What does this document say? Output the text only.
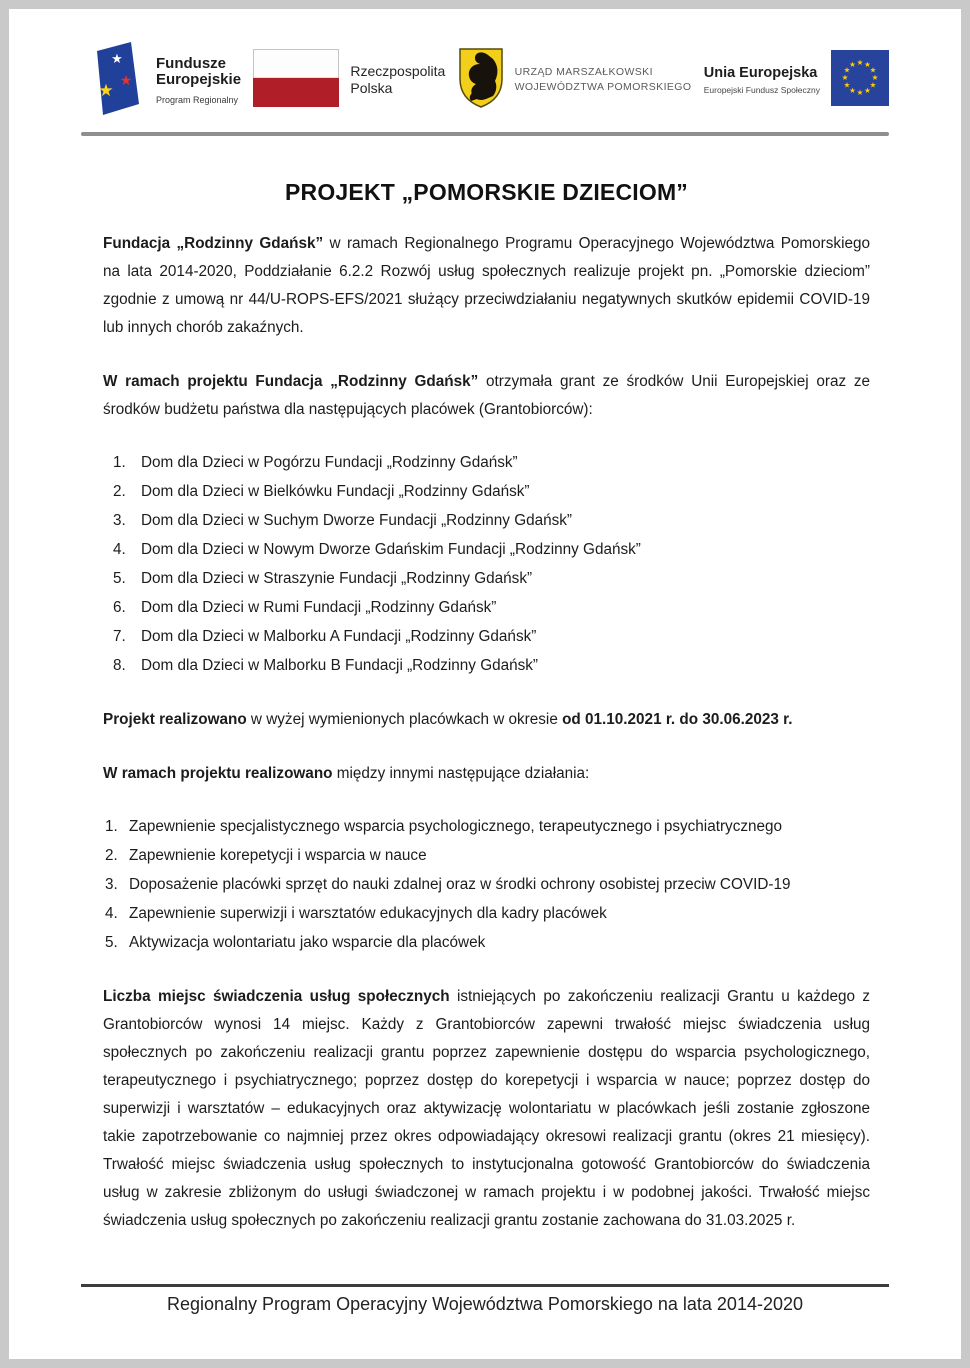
★
★ ★
Fundusze
Europejskie
Program Regionalny
Rzeczpospolita
Polska
URZĄD MARSZAŁKOWSKI
WOJEWÓDZTWA POMORSKIEGO
Unia Europejska
Europejski Fundusz Społeczny
★ ★
★
★
★
★
★
★
★
★
★
★
PROJEKT „POMORSKIE DZIECIOM”

Fundacja „Rodzinny Gdańsk” w ramach Regionalnego Programu Operacyjnego Województwa Pomorskiego na lata 2014-2020, Poddziałanie 6.2.2 Rozwój usług społecznych realizuje projekt pn. „Pomorskie dzieciom” zgodnie z umową nr 44/U-ROPS-EFS/2021 służący przeciwdziałaniu negatywnych skutków epidemii COVID-19 lub innych chorób zakaźnych.

W ramach projektu Fundacja „Rodzinny Gdańsk” otrzymała grant ze środków Unii Europejskiej oraz ze środków budżetu państwa dla następujących placówek (Grantobiorców):

1. Dom dla Dzieci w Pogórzu Fundacji „Rodzinny Gdańsk”
2. Dom dla Dzieci w Bielkówku Fundacji „Rodzinny Gdańsk”
3. Dom dla Dzieci w Suchym Dworze Fundacji „Rodzinny Gdańsk”
4. Dom dla Dzieci w Nowym Dworze Gdańskim Fundacji „Rodzinny Gdańsk”
5. Dom dla Dzieci w Straszynie Fundacji „Rodzinny Gdańsk”
6. Dom dla Dzieci w Rumi Fundacji „Rodzinny Gdańsk”
7. Dom dla Dzieci w Malborku A Fundacji „Rodzinny Gdańsk”
8. Dom dla Dzieci w Malborku B Fundacji „Rodzinny Gdańsk”

Projekt realizowano w wyżej wymienionych placówkach w okresie od 01.10.2021 r. do 30.06.2023 r.

W ramach projektu realizowano między innymi następujące działania:

1. Zapewnienie specjalistycznego wsparcia psychologicznego, terapeutycznego i psychiatrycznego
2. Zapewnienie korepetycji i wsparcia w nauce
3. Doposażenie placówki sprzęt do nauki zdalnej oraz w środki ochrony osobistej przeciw COVID-19
4. Zapewnienie superwizji i warsztatów edukacyjnych dla kadry placówek
5. Aktywizacja wolontariatu jako wsparcie dla placówek

Liczba miejsc świadczenia usług społecznych istniejących po zakończeniu realizacji Grantu u każdego z Grantobiorców wynosi 14 miejsc. Każdy z Grantobiorców zapewni trwałość miejsc świadczenia usług społecznych po zakończeniu realizacji grantu poprzez zapewnienie dostępu do wsparcia psychologicznego, terapeutycznego i psychiatrycznego; poprzez dostęp do korepetycji i wsparcia w nauce; poprzez dostęp do superwizji i warsztatów – edukacyjnych oraz aktywizację wolontariatu w placówkach jeśli zostanie zgłoszone takie zapotrzebowanie co najmniej przez okres odpowiadający okresowi realizacji grantu (okres 21 miesięcy). Trwałość miejsc świadczenia usług społecznych to instytucjonalna gotowość Grantobiorców do świadczenia usług w zakresie zbliżonym do usługi świadczonej w ramach projektu i w podobnej jakości. Trwałość miejsc świadczenia usług społecznych po zakończeniu realizacji grantu zostanie zachowana do 31.03.2025 r.

Regionalny Program Operacyjny Województwa Pomorskiego na lata 2014-2020
